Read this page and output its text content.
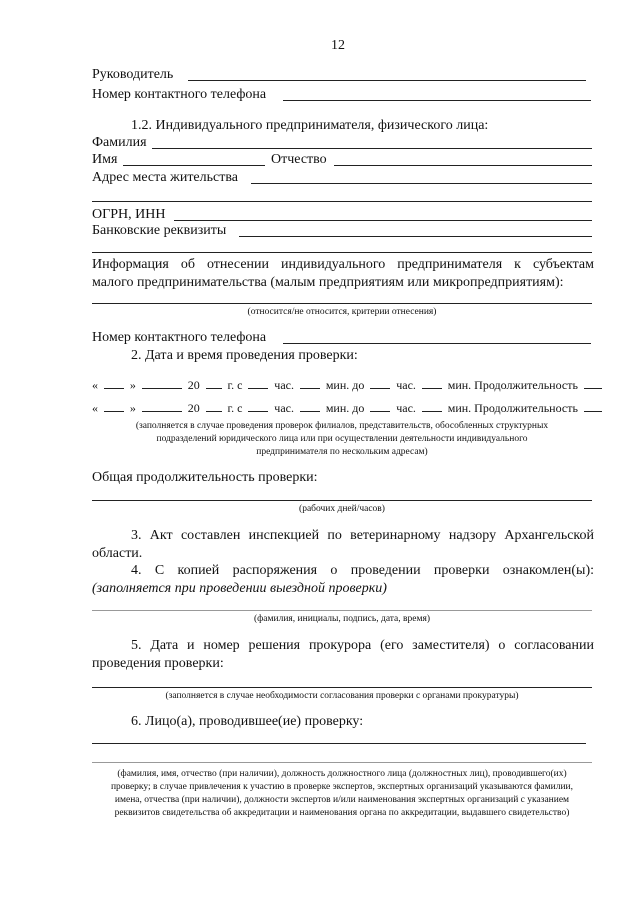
12
Руководитель
Номер контактного телефона
1.2. Индивидуального предпринимателя, физического лица:
Фамилия
Имя	Отчество
Адрес места жительства
ОГРН, ИНН
Банковские реквизиты
Информация об отнесении индивидуального предпринимателя к субъектам
малого предпринимательства (малым предприятиям или микропредприятиям):
(относится/не относится, критерии отнесения)
Номер контактного телефона
2. Дата и время проведения проверки:
«	»	20 г. с	час.	мин. до	час.	мин. Продолжительность
«	»	20 г. с	час.	мин. до	час.	мин. Продолжительность
(заполняется в случае проведения проверок филиалов, представительств, обособленных структурных
подразделений юридического лица или при осуществлении деятельности индивидуального
предпринимателя по нескольким адресам)
Общая продолжительность проверки:
(рабочих дней/часов)
3. Акт составлен инспекцией по ветеринарному надзору Архангельской
области.
4. С копией распоряжения о проведении проверки ознакомлен(ы):
(заполняется при проведении выездной проверки)
(фамилия, инициалы, подпись, дата, время)
5. Дата и номер решения прокурора (его заместителя) о согласовании
проведения проверки:
(заполняется в случае необходимости согласования проверки с органами прокуратуры)
6. Лицо(а), проводившее(ие) проверку:
(фамилия, имя, отчество (при наличии), должность должностного лица (должностных лиц), проводившего(их)
проверку; в случае привлечения к участию в проверке экспертов, экспертных организаций указываются фамилии,
имена, отчества (при наличии), должности экспертов и/или наименования экспертных организаций с указанием
реквизитов свидетельства об аккредитации и наименования органа по аккредитации, выдавшего свидетельство)
